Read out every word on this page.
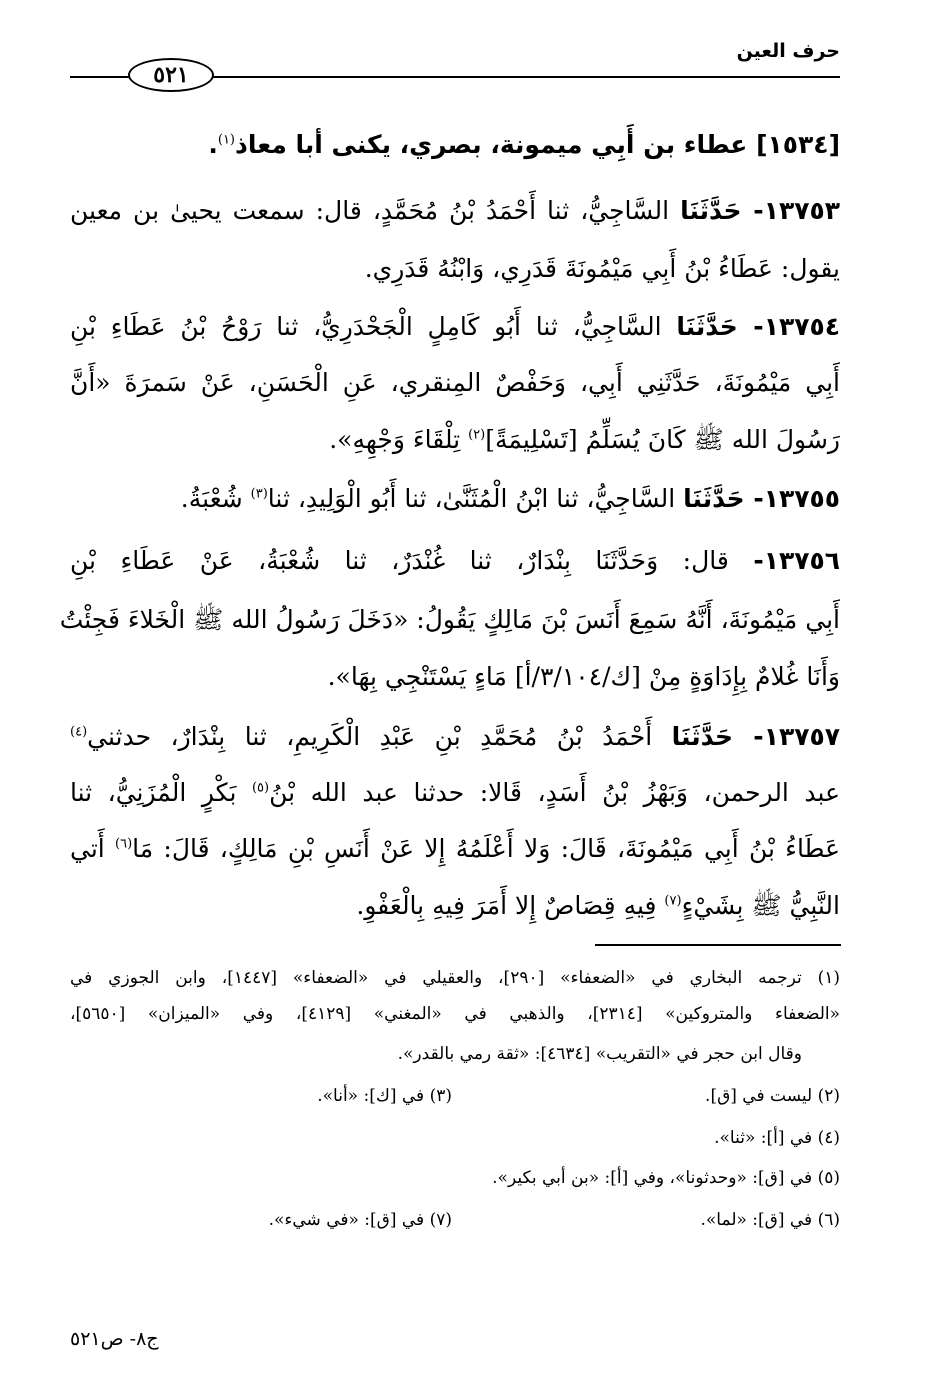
حرف العين
٥٢١
[١٥٣٤] عطاء بن أَبِي ميمونة، بصري، يكنى أبا معاذ$^{(١)}$.
١٣٧٥٣- حَدَّثَنَا السَّاجِيُّ، ثنا أَحْمَدُ بْنُ مُحَمَّدٍ، قال: سمعت يحيىٰ بن معين
يقول: عَطَاءُ بْنُ أَبِي مَيْمُونَةَ قَدَرِي، وَابْنُهُ قَدَرِي.
١٣٧٥٤- حَدَّثَنَا السَّاجِيُّ، ثنا أَبُو كَامِلٍ الْجَحْدَرِيُّ، ثنا رَوْحُ بْنُ عَطَاءِ بْنِ
أَبِي مَيْمُونَةَ، حَدَّثَنِي أَبِي، وَحَفْصٌ المِنقري، عَنِ الْحَسَنِ، عَنْ سَمرَةَ «أَنَّ
رَسُولَ الله ﷺ كَانَ يُسَلِّمُ [تَسْلِيمَةً]$^{(٢)}$ تِلْقَاءَ وَجْهِهِ».
١٣٧٥٥- حَدَّثَنَا السَّاجِيُّ، ثنا ابْنُ الْمُثَنَّىٰ، ثنا أَبُو الْوَلِيدِ، ثنا$^{(٣)}$ شُعْبَةُ.
١٣٧٥٦- قال: وَحَدَّثَنَا بِنْدَارٌ، ثنا غُنْدَرٌ، ثنا شُعْبَةُ، عَنْ عَطَاءِ بْنِ
أَبِي مَيْمُونَةَ، أَنَّهُ سَمِعَ أَنَسَ بْنَ مَالِكٍ يَقُولُ: «دَخَلَ رَسُولُ الله ﷺ الْخَلاءَ فَجِئْتُ
وَأَنَا غُلامٌ بِإِدَاوَةٍ مِنْ [ك/٣/١٠٤/أ] مَاءٍ يَسْتَنْجِي بِهَا».
١٣٧٥٧- حَدَّثَنَا أَحْمَدُ بْنُ مُحَمَّدِ بْنِ عَبْدِ الْكَرِيمِ، ثنا بِنْدَارٌ، حدثني$^{(٤)}$
عبد الرحمن، وَبَهْزُ بْنُ أَسَدٍ، قَالا: حدثنا عبد الله بْنُ$^{(٥)}$ بَكْرٍ الْمُزَنِيُّ، ثنا
عَطَاءُ بْنُ أَبِي مَيْمُونَةَ، قَالَ: وَلا أَعْلَمُهُ إِلا عَنْ أَنَسِ بْنِ مَالِكٍ، قَالَ: مَا$^{(٦)}$ أَتي
النَّبِيُّ ﷺ بِشَيْءٍ$^{(٧)}$ فِيهِ قِصَاصٌ إِلا أَمَرَ فِيهِ بِالْعَفْوِ.
(١) ترجمه البخاري في «الضعفاء» [٢٩٠]، والعقيلي في «الضعفاء» [١٤٤٧]، وابن الجوزي في
«الضعفاء والمتروكين» [٢٣١٤]، والذهبي في «المغني» [٤١٢٩]، وفي «الميزان» [٥٦٥٠]،
وقال ابن حجر في «التقريب» [٤٦٣٤]: «ثقة رمي بالقدر».
(٢) ليست في [ق].
(٣) في [ك]: «أنا».
(٤) في [أ]: «ثنا».
(٥) في [ق]: «وحدثونا»، وفي [أ]: «بن أبي بكير».
(٦) في [ق]: «لما».
(٧) في [ق]: «في شيء».
ج٨- ص٥٢١
